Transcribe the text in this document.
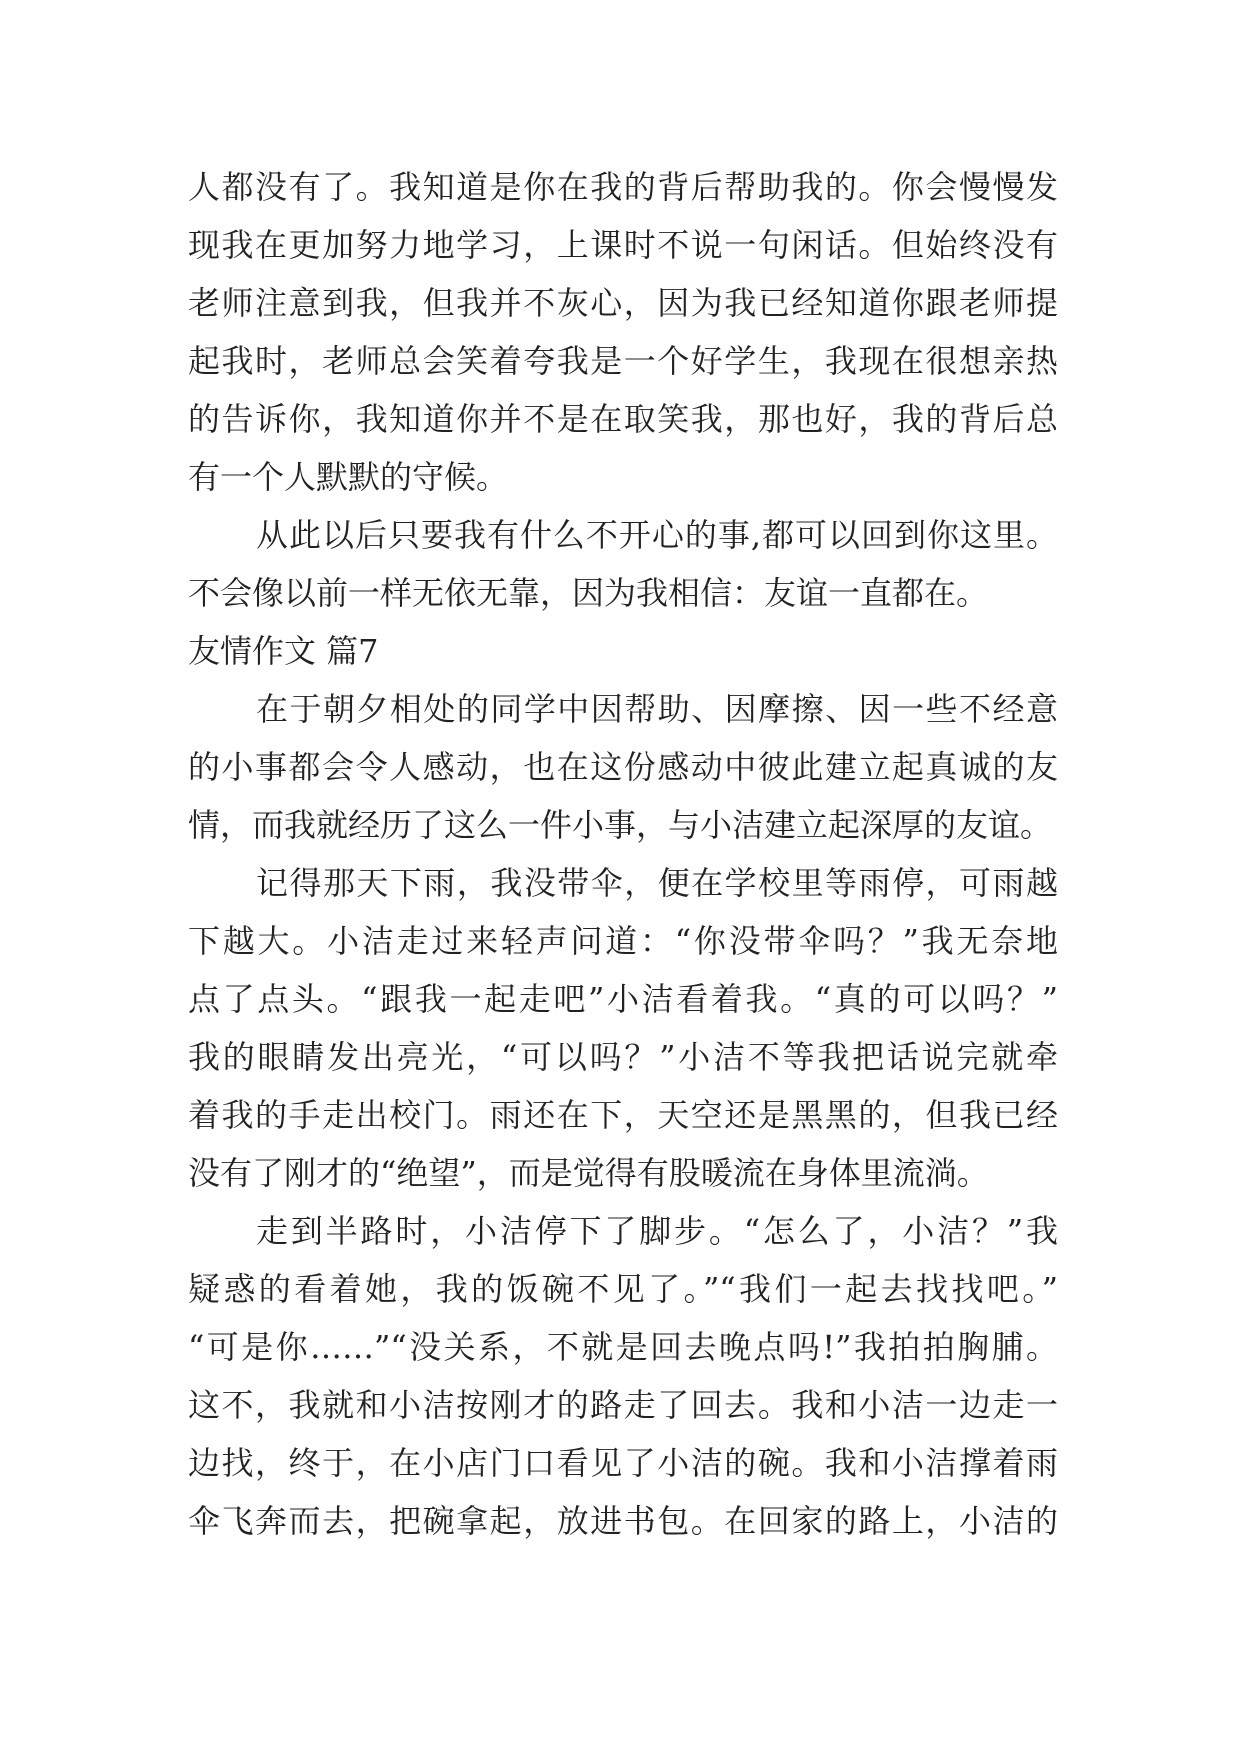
人都没有了。我知道是你在我的背后帮助我的。你会慢慢发
现我在更加努力地学习，上课时不说一句闲话。但始终没有
老师注意到我，但我并不灰心，因为我已经知道你跟老师提
起我时，老师总会笑着夸我是一个好学生，我现在很想亲热
的告诉你，我知道你并不是在取笑我，那也好，我的背后总
有一个人默默的守候。
从此以后只要我有什么不开心的事,都可以回到你这里。
不会像以前一样无依无靠，因为我相信：友谊一直都在。
友情作文 篇7
在于朝夕相处的同学中因帮助、因摩擦、因一些不经意
的小事都会令人感动，也在这份感动中彼此建立起真诚的友
情，而我就经历了这么一件小事，与小洁建立起深厚的友谊。
记得那天下雨，我没带伞，便在学校里等雨停，可雨越
下越大。小洁走过来轻声问道：“你没带伞吗？”我无奈地
点了点头。“跟我一起走吧”小洁看着我。“真的可以吗？”
我的眼睛发出亮光，“可以吗？”小洁不等我把话说完就牵
着我的手走出校门。雨还在下，天空还是黑黑的，但我已经
没有了刚才的“绝望”，而是觉得有股暖流在身体里流淌。
走到半路时，小洁停下了脚步。“怎么了，小洁？”我
疑惑的看着她，我的饭碗不见了。”“我们一起去找找吧。”
“可是你……”“没关系，不就是回去晚点吗!”我拍拍胸脯。
这不，我就和小洁按刚才的路走了回去。我和小洁一边走一
边找，终于，在小店门口看见了小洁的碗。我和小洁撑着雨
伞飞奔而去，把碗拿起，放进书包。在回家的路上，小洁的
